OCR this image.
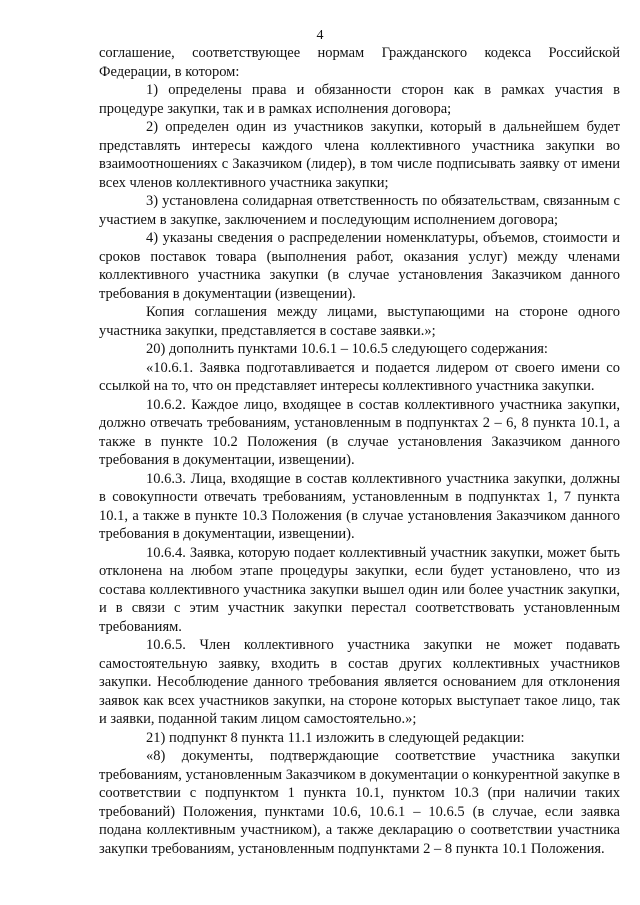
4

соглашение, соответствующее нормам Гражданского кодекса Российской Федерации, в котором:

1) определены права и обязанности сторон как в рамках участия в процедуре закупки, так и в рамках исполнения договора;

2) определен один из участников закупки, который в дальнейшем будет представлять интересы каждого члена коллективного участника закупки во взаимоотношениях с Заказчиком (лидер), в том числе подписывать заявку от имени всех членов коллективного участника закупки;

3) установлена солидарная ответственность по обязательствам, связанным с участием в закупке, заключением и последующим исполнением договора;

4) указаны сведения о распределении номенклатуры, объемов, стоимости и сроков поставок товара (выполнения работ, оказания услуг) между членами коллективного участника закупки (в случае установления Заказчиком данного требования в документации (извещении).

Копия соглашения между лицами, выступающими на стороне одного участника закупки, представляется в составе заявки.»;

20) дополнить пунктами 10.6.1 – 10.6.5 следующего содержания:

«10.6.1. Заявка подготавливается и подается лидером от своего имени со ссылкой на то, что он представляет интересы коллективного участника закупки.

10.6.2. Каждое лицо, входящее в состав коллективного участника закупки, должно отвечать требованиям, установленным в подпунктах 2 – 6, 8 пункта 10.1, а также в пункте 10.2 Положения (в случае установления Заказчиком данного требования в документации, извещении).

10.6.3. Лица, входящие в состав коллективного участника закупки, должны в совокупности отвечать требованиям, установленным в подпунктах 1, 7 пункта 10.1, а также в пункте 10.3 Положения (в случае установления Заказчиком данного требования в документации, извещении).

10.6.4. Заявка, которую подает коллективный участник закупки, может быть отклонена на любом этапе процедуры закупки, если будет установлено, что из состава коллективного участника закупки вышел один или более участник закупки, и в связи с этим участник закупки перестал соответствовать установленным требованиям.

10.6.5. Член коллективного участника закупки не может подавать самостоятельную заявку, входить в состав других коллективных участников закупки. Несоблюдение данного требования является основанием для отклонения заявок как всех участников закупки, на стороне которых выступает такое лицо, так и заявки, поданной таким лицом самостоятельно.»;

21) подпункт 8 пункта 11.1 изложить в следующей редакции:

«8) документы, подтверждающие соответствие участника закупки требованиям, установленным Заказчиком в документации о конкурентной закупке в соответствии с подпунктом 1 пункта 10.1, пунктом 10.3 (при наличии таких требований) Положения, пунктами 10.6, 10.6.1 – 10.6.5 (в случае, если заявка подана коллективным участником), а также декларацию о соответствии участника закупки требованиям, установленным подпунктами 2 – 8 пункта 10.1 Положения.
